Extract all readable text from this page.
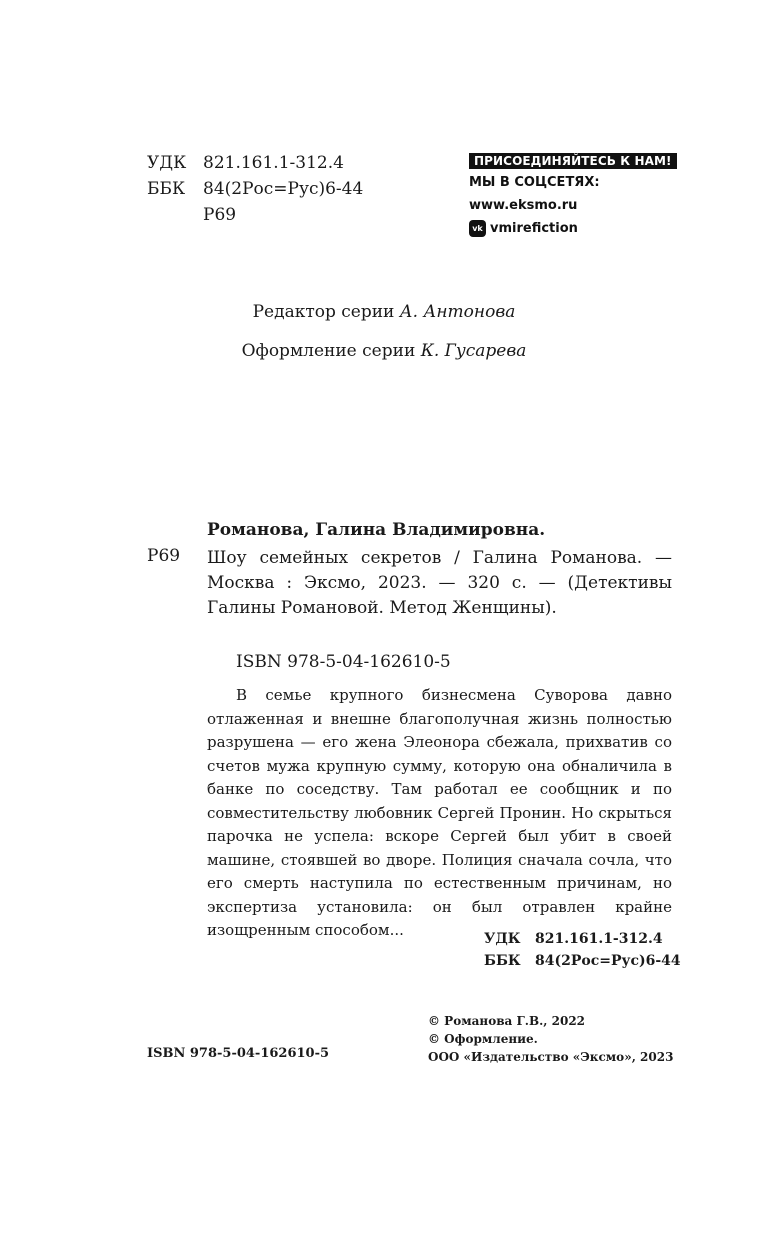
УДК 821.161.1-312.4
ББК	84(2Рос=Рус)6-44
Р69
ПРИСОЕДИНЯЙТЕСЬ К НАМ!
МЫ В СОЦСЕТЯХ:
www.eksmo.ru
vk vmirefiction
Редактор серии А. Антонова
Оформление серии К. Гусарева
Романова, Галина Владимировна.
Р69 Шоу семейных секретов / Галина Романова. — Москва : Эксмо, 2023. — 320 с. — (Детективы Галины Романовой. Метод Женщины).
ISBN 978-5-04-162610-5
В семье крупного бизнесмена Суворова давно отлаженная и внешне благополучная жизнь полностью разрушена — его жена Элеонора сбежала, прихватив со счетов мужа крупную сумму, которую она обналичила в банке по соседству. Там работал ее сообщник и по совместительству любовник Сергей Пронин. Но скрыться парочка не успела: вскоре Сергей был убит в своей машине, стоявшей во дворе. Полиция сначала сочла, что его смерть наступила по естественным причинам, но экспертиза установила: он был отравлен крайне изощренным способом...	УДК 821.161.1-312.4
ББК 84(2Рос=Рус)6-44
© Романова Г.В., 2022
© Оформление.
ООО «Издательство «Эксмо», 2023
ISBN 978-5-04-162610-5
